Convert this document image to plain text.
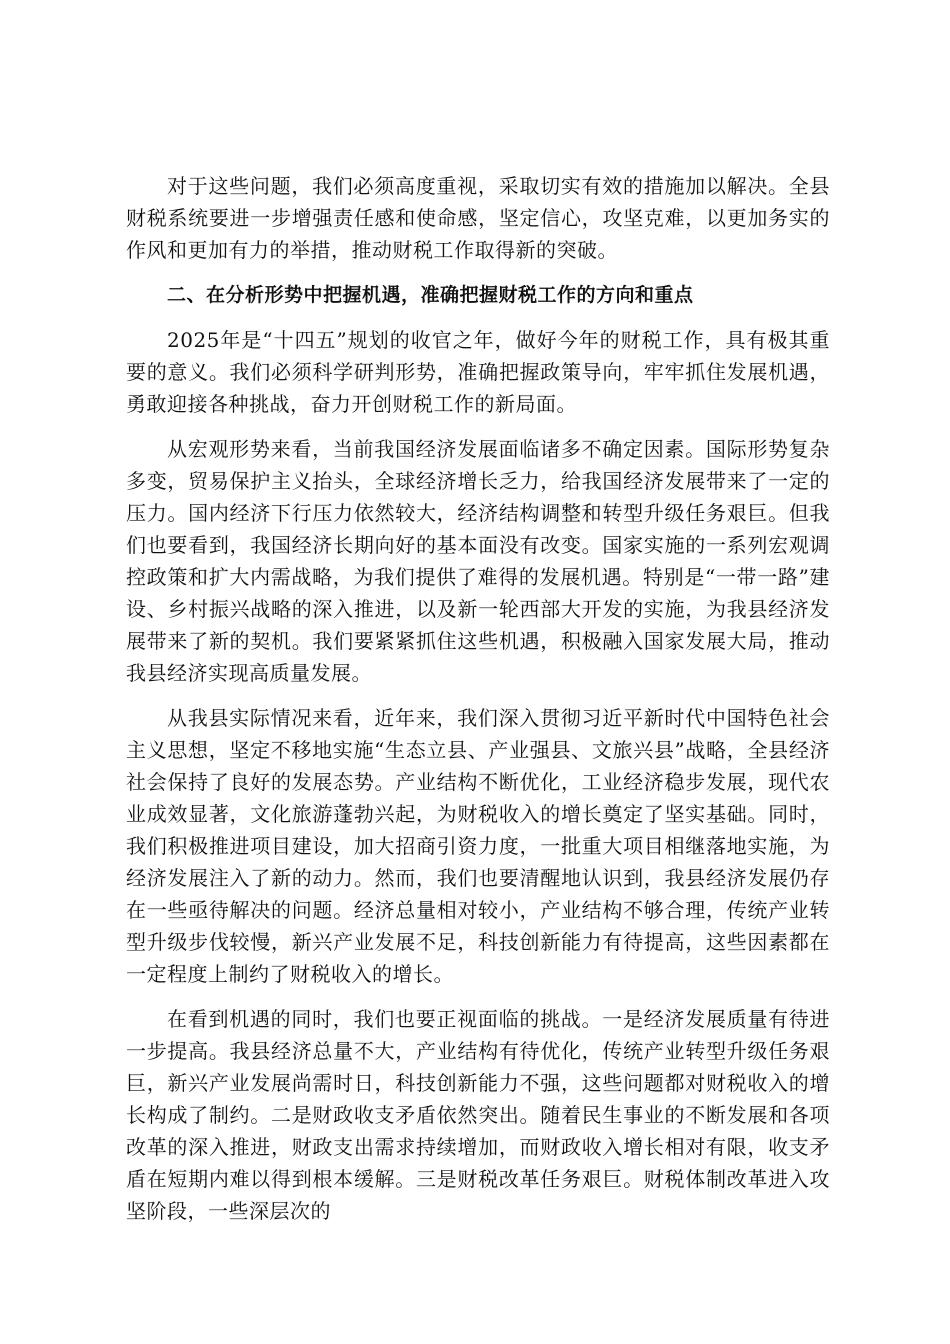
对于这些问题，我们必须高度重视，采取切实有效的措施加以解决。全县财税系统要进一步增强责任感和使命感，坚定信心，攻坚克难，以更加务实的作风和更加有力的举措，推动财税工作取得新的突破。

二、在分析形势中把握机遇，准确把握财税工作的方向和重点

2025年是“十四五”规划的收官之年，做好今年的财税工作，具有极其重要的意义。我们必须科学研判形势，准确把握政策导向，牢牢抓住发展机遇，勇敢迎接各种挑战，奋力开创财税工作的新局面。

从宏观形势来看，当前我国经济发展面临诸多不确定因素。国际形势复杂多变，贸易保护主义抬头，全球经济增长乏力，给我国经济发展带来了一定的压力。国内经济下行压力依然较大，经济结构调整和转型升级任务艰巨。但我们也要看到，我国经济长期向好的基本面没有改变。国家实施的一系列宏观调控政策和扩大内需战略，为我们提供了难得的发展机遇。特别是“一带一路”建设、乡村振兴战略的深入推进，以及新一轮西部大开发的实施，为我县经济发展带来了新的契机。我们要紧紧抓住这些机遇，积极融入国家发展大局，推动我县经济实现高质量发展。

从我县实际情况来看，近年来，我们深入贯彻习近平新时代中国特色社会主义思想，坚定不移地实施“生态立县、产业强县、文旅兴县”战略，全县经济社会保持了良好的发展态势。产业结构不断优化，工业经济稳步发展，现代农业成效显著，文化旅游蓬勃兴起，为财税收入的增长奠定了坚实基础。同时，我们积极推进项目建设，加大招商引资力度，一批重大项目相继落地实施，为经济发展注入了新的动力。然而，我们也要清醒地认识到，我县经济发展仍存在一些亟待解决的问题。经济总量相对较小，产业结构不够合理，传统产业转型升级步伐较慢，新兴产业发展不足，科技创新能力有待提高，这些因素都在一定程度上制约了财税收入的增长。

在看到机遇的同时，我们也要正视面临的挑战。一是经济发展质量有待进一步提高。我县经济总量不大，产业结构有待优化，传统产业转型升级任务艰巨，新兴产业发展尚需时日，科技创新能力不强，这些问题都对财税收入的增长构成了制约。二是财政收支矛盾依然突出。随着民生事业的不断发展和各项改革的深入推进，财政支出需求持续增加，而财政收入增长相对有限，收支矛盾在短期内难以得到根本缓解。三是财税改革任务艰巨。财税体制改革进入攻坚阶段，一些深层次的
